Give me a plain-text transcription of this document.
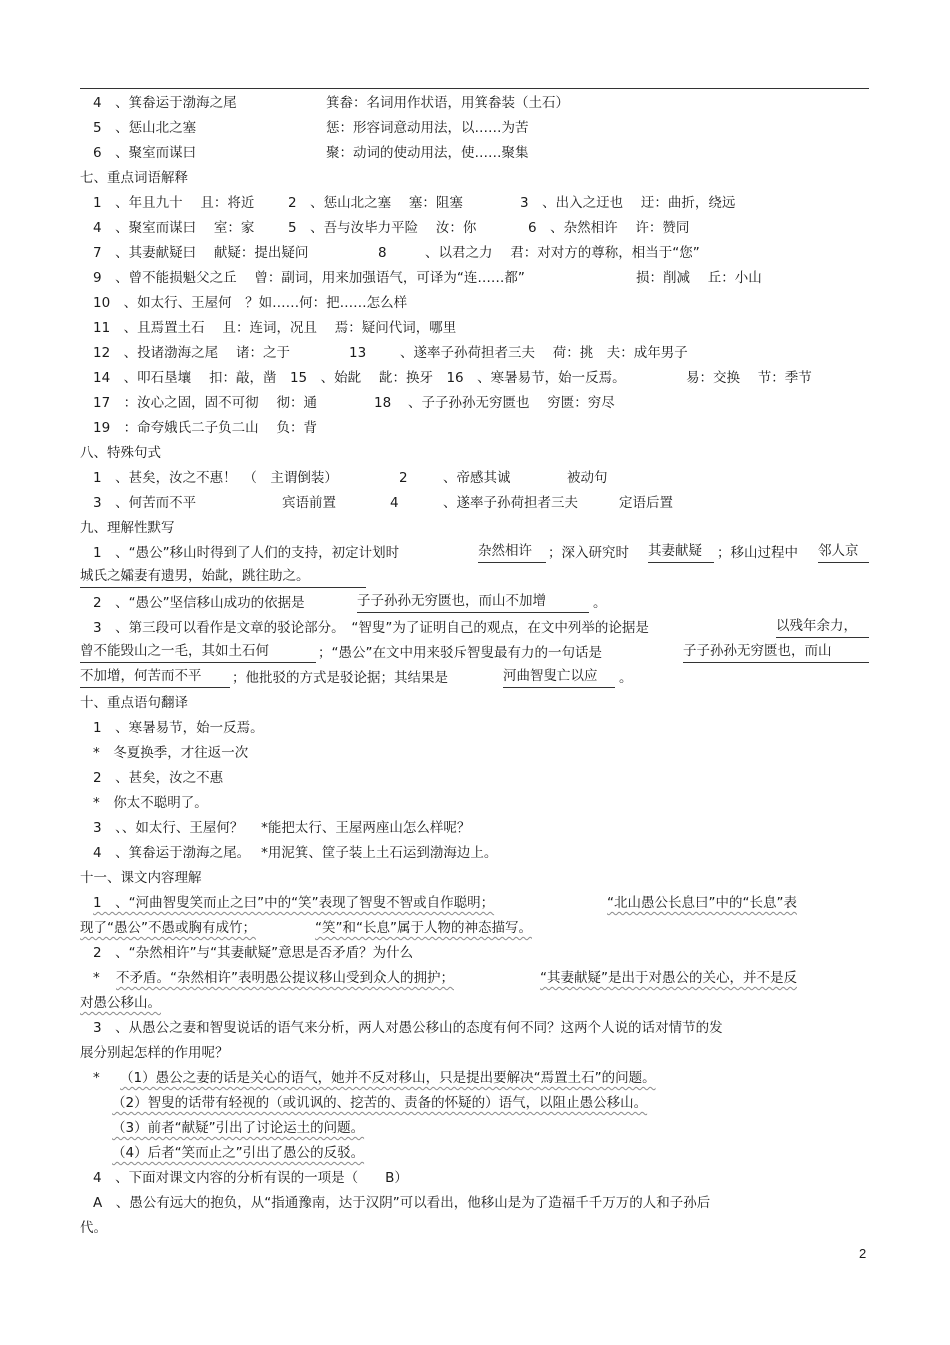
4　、箕畚运于渤海之尾	箕畚：名词用作状语，用箕畚装（土石）
5　、惩山北之塞	惩：形容词意动用法，以……为苦
6　、聚室而谋曰	聚：动词的使动用法，使……聚集
七、重点词语解释
1　、年且九十　 且：将近 2　、惩山北之塞　 塞：阻塞	3　、出入之迂也　 迂：曲折，绕远
4　、聚室而谋曰　 室：家 5　、吾与汝毕力平险　 汝：你	6　、杂然相许　 许：赞同
7　、其妻献疑曰　 献疑：提出疑问	8	、以君之力　 君：对对方的尊称，相当于“您”
9　、曾不能损魁父之丘　 曾：副词，用来加强语气，可译为“连……都”	损：削减　 丘：小山
10　、如太行、王屋何　？如……何：把……怎么样
11　、且焉置土石　 且：连词，况且　 焉：疑问代词，哪里
12　、投诸渤海之尾　 诸：之于	13	、遂率子孙荷担者三夫　 荷：挑　夫：成年男子
14　、叩石垦壤　 扣：敲，凿　15　、始龀　 龀：换牙　16　、寒暑易节，始一反焉。	易：交换　 节：季节
17　：汝心之固，固不可彻　 彻：通	18 、子子孙孙无穷匮也　 穷匮：穷尽
19　：命夸娥氏二子负二山　 负：背
八、特殊句式
1　、甚矣，汝之不惠！　（　主谓倒装）	2	、帝感其诚	被动句
3　、何苦而不平	宾语前置	4	、遂率子孙荷担者三夫	定语后置
九、理解性默写
1　、“愚公”移山时得到了人们的支持，初定计划时	杂然相许	；深入研究时 其妻献疑	；移山过程中 邻人京
城氏之孀妻有遗男，始龀，跳往助之。
2　、“愚公”坚信移山成功的依据是	子子孙孙无穷匮也，而山不加增	。
3　、第三段可以看作是文章的驳论部分。　“智叟”为了证明自己的观点，在文中列举的论据是	以残年余力，
曾不能毁山之一毛，其如土石何	；“愚公”在文中用来驳斥智叟最有力的一句话是	子子孙孙无穷匮也，而山
不加增，何苦而不平	；他批驳的方式是驳论据；其结果是	河曲智叟亡以应	。
十、重点语句翻译
1　、寒暑易节，始一反焉。
*　冬夏换季，才往返一次
2　、甚矣，汝之不惠
*　你太不聪明了。
3　、、如太行、王屋何？　 *能把太行、王屋两座山怎么样呢？
4　、箕畚运于渤海之尾。　 *用泥箕、筐子装上土石运到渤海边上。
十一、课文内容理解
1　、“河曲智叟笑而止之曰”中的“笑”表现了智叟不智或自作聪明；	“北山愚公长息曰”中的“长息”表
现了“愚公”不愚或胸有成竹；	“笑”和“长息”属于人物的神态描写。
2　、“杂然相许”与“其妻献疑”意思是否矛盾？为什么
*　 不矛盾。“杂然相许”表明愚公提议移山受到众人的拥护；	“其妻献疑”是出于对愚公的关心，并不是反
对愚公移山。
3　、从愚公之妻和智叟说话的语气来分析，两人对愚公移山的态度有何不同？这两个人说的话对情节的发
展分别起怎样的作用呢？
* （1）愚公之妻的话是关心的语气，她并不反对移山，只是提出要解决“焉置土石”的问题。
（2）智叟的话带有轻视的（或讥讽的、挖苦的、责备的怀疑的）语气，以阻止愚公移山。
（3）前者“献疑”引出了讨论运土的问题。
（4）后者“笑而止之”引出了愚公的反驳。
4　、下面对课文内容的分析有误的一项是（　　B）
A　、愚公有远大的抱负，从“指通豫南，达于汉阴”可以看出，他移山是为了造福千千万万的人和子孙后
代。
2
